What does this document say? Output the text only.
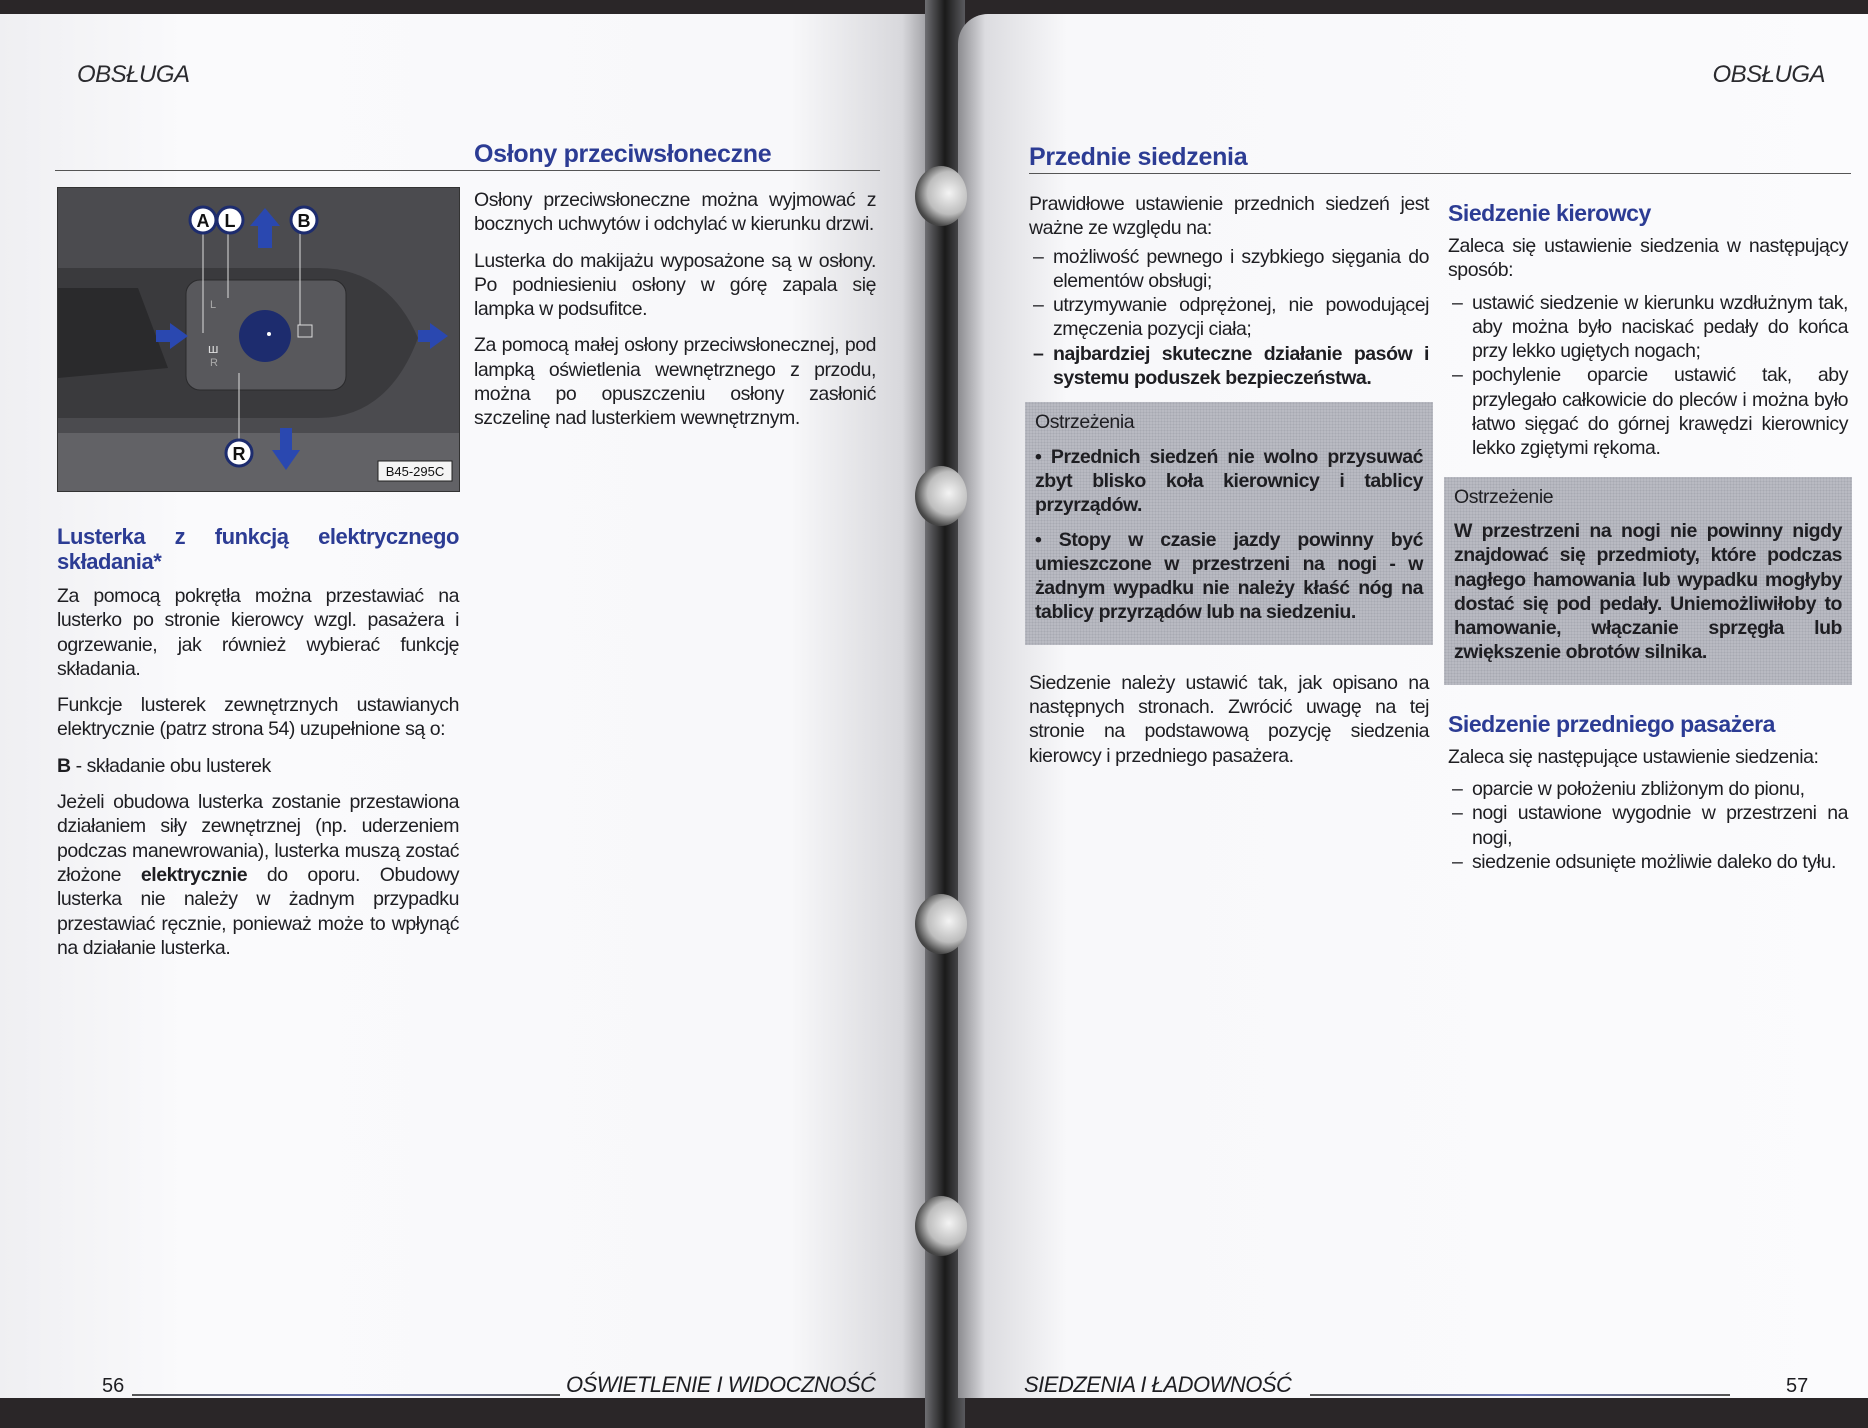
OBSŁUGA
Osłony przeciwsłoneczne
ш
L
R
A L	B
R
B45-295C

Osłony przeciwsłoneczne można wyjmować z bocznych uchwytów i odchylać w kierunku drzwi.

Lusterka do makijażu wyposażone są w osłony. Po podniesieniu osłony w górę zapala się lampka w podsufitce.

Za pomocą małej osłony przeciwsłonecznej, pod lampką oświetlenia wewnętrznego z przodu, można po opuszczeniu osłony zasłonić szczelinę nad lusterkiem wewnętrznym.

Lusterka z funkcją elektrycznego składania*

Za pomocą pokrętła można przestawiać na lusterko po stronie kierowcy wzgl. pasażera i ogrzewanie, jak również wybierać funkcję składania.

Funkcje lusterek zewnętrznych ustawianych elektrycznie (patrz strona 54) uzupełnione są o:

B - składanie obu lusterek

Jeżeli obudowa lusterka zostanie przestawiona działaniem siły zewnętrznej (np. uderzeniem podczas manewrowania), lusterka muszą zostać złożone elektrycznie do oporu. Obudowy lusterka nie należy w żadnym przypadku przestawiać ręcznie, ponieważ może to wpłynąć na działanie lusterka.

56	OŚWIETLENIE I WIDOCZNOŚĆ
OBSŁUGA
Przednie siedzenia

Prawidłowe ustawienie przednich siedzeń jest ważne ze względu na:

– możliwość pewnego i szybkiego sięgania do elementów obsługi;
– utrzymywanie odprężonej, nie powodującej zmęczenia pozycji ciała;
– najbardziej skuteczne działanie pasów i systemu poduszek bezpieczeństwa.
Ostrzeżenia

• Przednich siedzeń nie wolno przysuwać zbyt blisko koła kierownicy i tablicy przyrządów.

• Stopy w czasie jazdy powinny być umieszczone w przestrzeni na nogi - w żadnym wypadku nie należy kłaść nóg na tablicy przyrządów lub na siedzeniu.

Siedzenie należy ustawić tak, jak opisano na następnych stronach. Zwrócić uwagę na tej stronie na podstawową pozycję siedzenia kierowcy i przedniego pasażera.

Siedzenie kierowcy

Zaleca się ustawienie siedzenia w następujący sposób:

– ustawić siedzenie w kierunku wzdłużnym tak, aby można było naciskać pedały do końca przy lekko ugiętych nogach;
– pochylenie oparcie ustawić tak, aby przylegało całkowicie do pleców i można było łatwo sięgać do górnej krawędzi kierownicy lekko zgiętymi rękoma.
Ostrzeżenie

W przestrzeni na nogi nie powinny nigdy znajdować się przedmioty, które podczas nagłego hamowania lub wypadku mogłyby dostać się pod pedały. Uniemożliwiłoby to hamowanie, włączanie sprzęgła lub zwiększenie obrotów silnika.

Siedzenie przedniego pasażera

Zaleca się następujące ustawienie siedzenia:

– oparcie w położeniu zbliżonym do pionu,
– nogi ustawione wygodnie w przestrzeni na nogi,
– siedzenie odsunięte możliwie daleko do tyłu.
SIEDZENIA I ŁADOWNOŚĆ	57
